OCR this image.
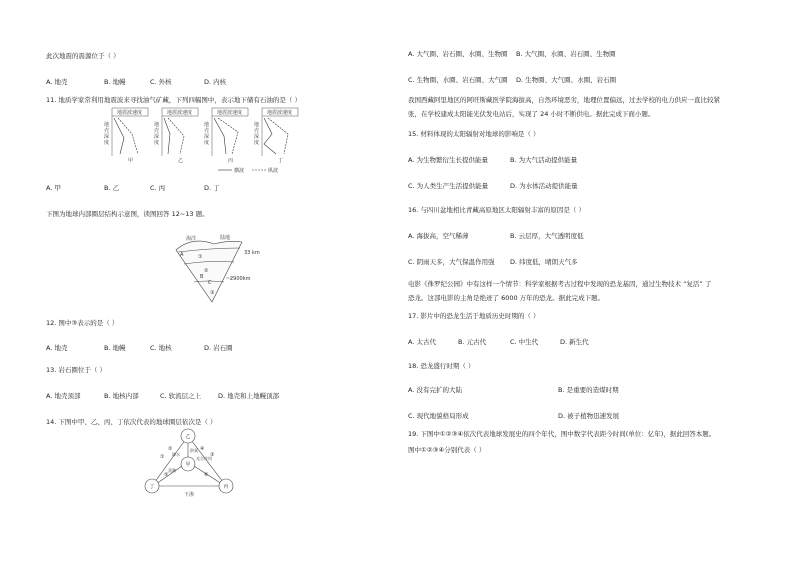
此次地震的震源位于（ ）
A. 地壳	B. 地幔	C. 外核	D. 内核
11. 地质学家常利用地震波来寻找油气矿藏，下列四幅图中，表示地下储有石油的是（ ）
地震波速度
地
壳
深
度
甲
地震波速度
地
壳
深
度
乙
地震波速度
地
壳
深
度
丙
地震波速度
地
壳
深
度
丁
横波	纵波
A. 甲	B. 乙	C. 丙	D. 丁
下图为地球内部圈层结构示意图，读图回答 12~13 题。
海洋	陆地
A
B
C
33 km
2900km
①
②
③
12. 图中③表示的是（ ）
A. 地壳	B. 地幔	C. 地核	D. 岩石圈
13. 岩石圈位于（ ）
A. 地壳顶部	B. 地核内部	C. 软流层之上	D. 地壳和上地幔顶部
14. 下图中甲、乙、丙、丁依次代表的地球圈层依次是（ ）
乙
甲
丁	丙
①
②
③
④
⑤	⑥
降水
供氧
光合作用
蒸腾
下渗
A. 大气圈、岩石圈、水圈、生物圈 B. 大气圈、水圈、岩石圈、生物圈
C. 生物圈、水圈、岩石圈、大气圈 D. 生物圈、大气圈、水圈、岩石圈
我国西藏阿里地区的阿旺斯藏医学院海拔高，自然环境恶劣，地理位置偏远，过去学校的电力供应一直比较紧
张，在学校建成太阳能光伏发电站后，实现了 24 小时不断供电。据此完成下面小题。
15. 材料体现的太阳辐射对地球的影响是（ ）
A. 为生物繁衍生长提供能量	B. 为大气活动提供能量
C. 为人类生产生活提供能量	D. 为水体活动提供能量
16. 与四川盆地相比青藏高原地区太阳辐射丰富的原因是（ ）
A. 海拔高，空气稀薄	B. 云层厚，大气透明度低
C. 阴雨天多，大气保温作用强 D. 纬度低，晴朗天气多
电影《侏罗纪公园》中有这样一个情节：科学家根据考古过程中发现的恐龙基因，通过生物技术 “复活” 了
恐龙。这部电影的主角是绝迹了 6000 万年的恐龙。据此完成下题。
17. 影片中的恐龙生活于地质历史时期的（ ）
A. 太古代	B. 元古代	C. 中生代	D. 新生代
18. 恐龙盛行时期（ ）
A. 没有完扩的大陆	B. 是重要的造煤时期
C. 现代地貌格局形成	D. 被子植物迅速发展
19. 下图中①②③④依次代表地球发展史的四个年代，图中数字代表距今时间(单位：亿年)，据此回答本题。
图中①②③④分别代表（ ）
